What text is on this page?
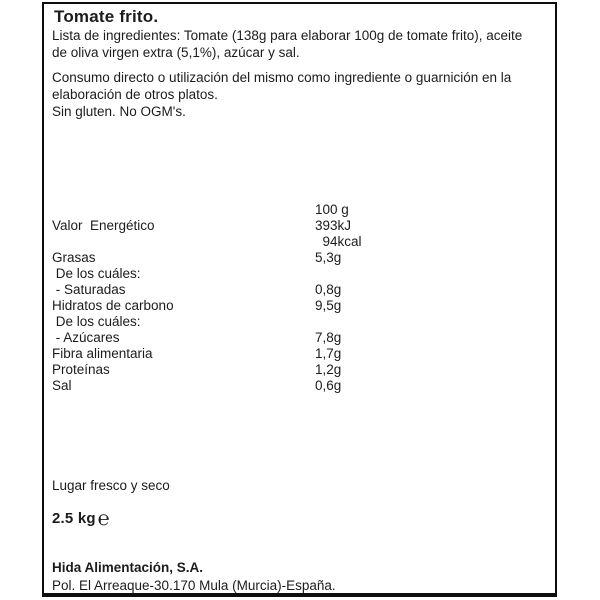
Tomate frito.

Lista de ingredientes: Tomate (138g para elaborar 100g de tomate frito), aceite de oliva virgen extra (5,1%), azúcar y sal.

Consumo directo o utilización del mismo como ingrediente o guarnición en la elaboración de otros platos.

Sin gluten. No OGM's.

100 g
Valor  Energético	393kJ
94kcal
Grasas	5,3g
De los cuáles:
- Saturadas	0,8g
Hidratos de carbono	9,5g
De los cuáles:
- Azúcares	7,8g
Fibra alimentaria	1,7g
Proteínas	1,2g
Sal	0,6g

Lugar fresco y seco

2.5 kg ℮

Hida Alimentación, S.A.

Pol. El Arreaque-30.170 Mula (Murcia)-España.
